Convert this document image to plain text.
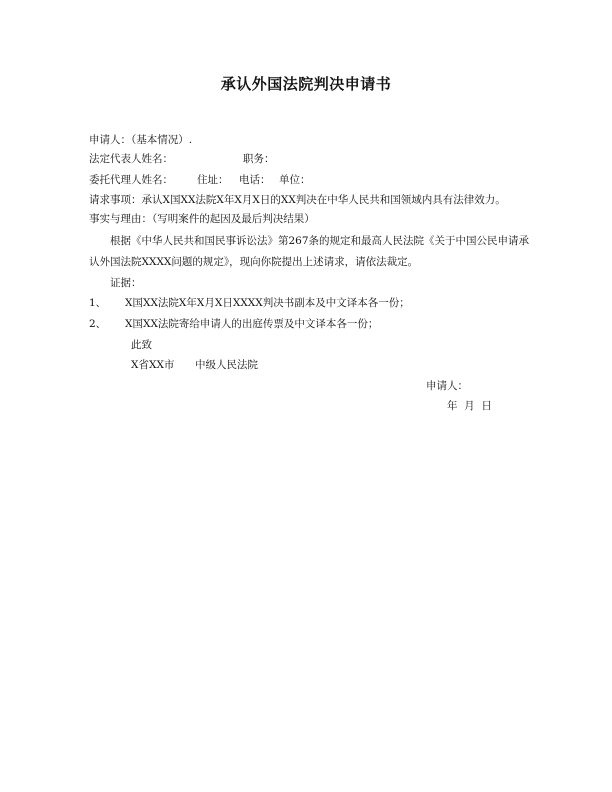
承认外国法院判决申请书
申请人：（基本情况）.
法定代表人姓名：	职务：
委托代理人姓名： 住址： 电话： 单位：
请求事项：承认X国XX法院X年X月X日的XX判决在中华人民共和国领域内具有法律效力。
事实与理由：（写明案件的起因及最后判决结果）
根据《中华人民共和国民事诉讼法》第267条的规定和最高人民法院《关于中国公民申请承
认外国法院XXXX问题的规定》，现向你院提出上述请求，请依法裁定。
证据：
1、 X国XX法院X年X月X日XXXX判决书副本及中文译本各一份；
2、 X国XX法院寄给申请人的出庭传票及中文译本各一份；
此致
X省XX市 中级人民法院
申请人：
年  月  日
